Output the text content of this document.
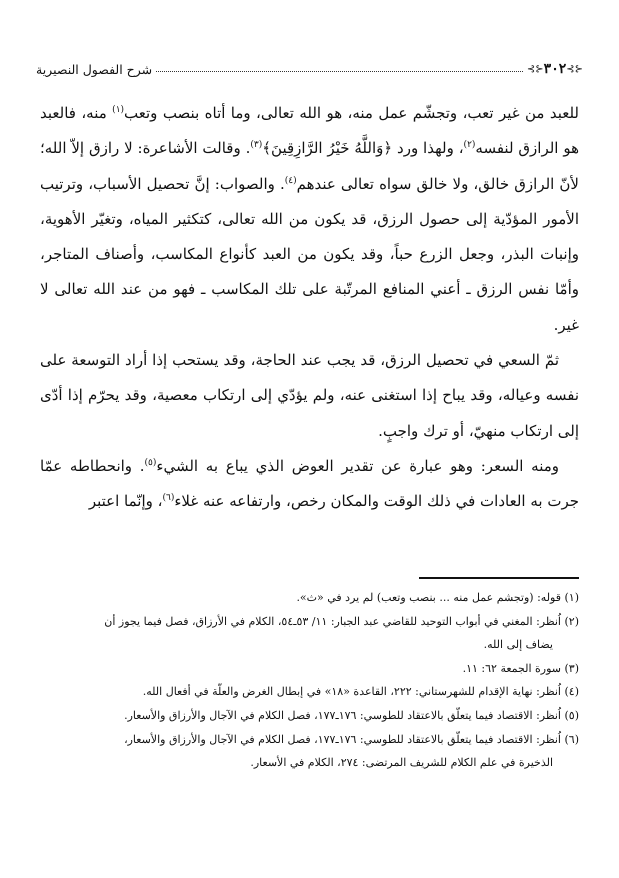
⊰⊱
٣٠٢
⊰⊱
شرح الفصول النصيرية

للعبد من غير تعب، وتجشّم عمل منه، هو الله تعالى، وما أتاه بنصب وتعب$^{(١)}$ منه، فالعبد هو الرازق لنفسه$^{(٢)}$، ولهذا ورد ﴿وَاللَّهُ خَيْرُ الرَّازِقِينَ﴾$^{(٣)}$. وقالت الأشاعرة: لا رازق إلاّ الله؛ لأنّ الرازق خالق، ولا خالق سواه تعالى عندهم$^{(٤)}$. والصواب: إنَّ تحصيل الأسباب، وترتيب الأمور المؤدّية إلى حصول الرزق، قد يكون من الله تعالى، كتكثير المياه، وتغيّر الأهوية، وإنبات البذر، وجعل الزرع حباً، وقد يكون من العبد كأنواع المكاسب، وأصناف المتاجر، وأمّا نفس الرزق ـ أعني المنافع المرتّبة على تلك المكاسب ـ فهو من عند الله تعالى لا غير.

ثمّ السعي في تحصيل الرزق، قد يجب عند الحاجة، وقد يستحب إذا أراد التوسعة على نفسه وعياله، وقد يباح إذا استغنى عنه، ولم يؤدّي إلى ارتكاب معصية، وقد يحرّم إذا أدّى إلى ارتكاب منهيّ، أو ترك واجبٍ.

ومنه السعر: وهو عبارة عن تقدير العوض الذي يباع به الشيء$^{(٥)}$. وانحطاطه عمّا جرت به العادات في ذلك الوقت والمكان رخص، وارتفاعه عنه غلاء$^{(٦)}$، وإنّما اعتبر

(١) قوله: (وتجشم عمل منه ... بنصب وتعب) لم يرد في «ث».
(٢) اُنظر: المغني في أبواب التوحيد للقاضي عبد الجبار: ١١/ ٥٣ـ٥٤، الكلام في الأرزاق، فصل فيما يجوز أن
يضاف إلى الله.
(٣) سورة الجمعة ٦٢: ١١.
(٤) اُنظر: نهاية الإقدام للشهرستاني: ٢٢٢، القاعدة «١٨» في إبطال الغرض والعلّة في أفعال الله.
(٥) اُنظر: الاقتصاد فيما يتعلّق بالاعتقاد للطوسي: ١٧٦ـ١٧٧، فصل الكلام في الآجال والأرزاق والأسعار.
(٦) اُنظر: الاقتصاد فيما يتعلّق بالاعتقاد للطوسي: ١٧٦ـ١٧٧، فصل الكلام في الآجال والأرزاق والأسعار،
الذخيرة في علم الكلام للشريف المرتضى: ٢٧٤، الكلام في الأسعار.
